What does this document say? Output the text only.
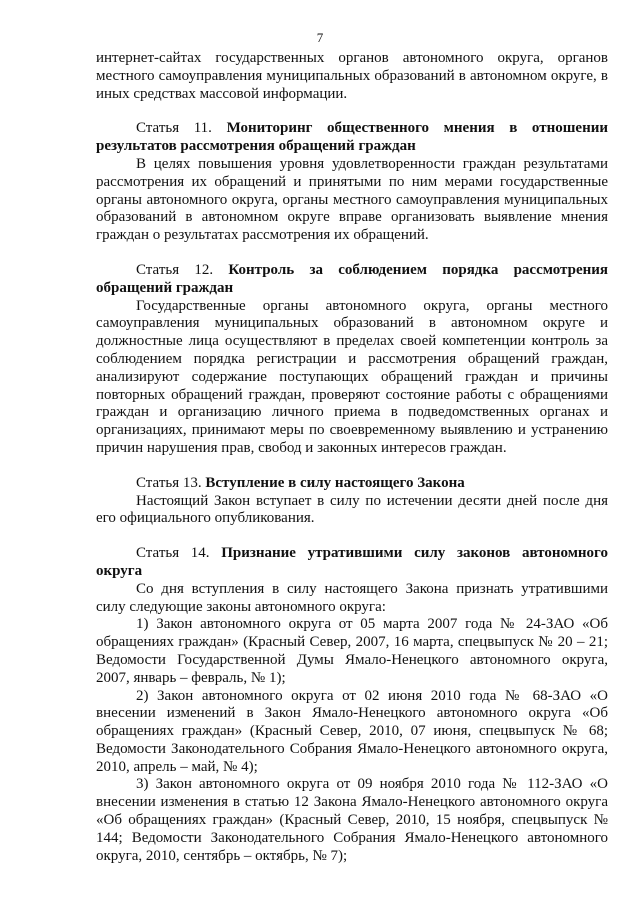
7

интернет-сайтах государственных органов автономного округа, органов местного самоуправления муниципальных образований в автономном округе, в иных средствах массовой информации.

Статья 11. Мониторинг общественного мнения в отношении результатов рассмотрения обращений граждан

В целях повышения уровня удовлетворенности граждан результатами рассмотрения их обращений и принятыми по ним мерами государственные органы автономного округа, органы местного самоуправления муниципальных образований в автономном округе вправе организовать выявление мнения граждан о результатах рассмотрения их обращений.

Статья 12. Контроль за соблюдением порядка рассмотрения обращений граждан

Государственные органы автономного округа, органы местного самоуправления муниципальных образований в автономном округе и должностные лица осуществляют в пределах своей компетенции контроль за соблюдением порядка регистрации и рассмотрения обращений граждан, анализируют содержание поступающих обращений граждан и причины повторных обращений граждан, проверяют состояние работы с обращениями граждан и организацию личного приема в подведомственных органах и организациях, принимают меры по своевременному выявлению и устранению причин нарушения прав, свобод и законных интересов граждан.

Статья 13. Вступление в силу настоящего Закона

Настоящий Закон вступает в силу по истечении десяти дней после дня его официального опубликования.

Статья 14. Признание утратившими силу законов автономного округа

Со дня вступления в силу настоящего Закона признать утратившими силу следующие законы автономного округа:

1) Закон автономного округа от 05 марта 2007 года № 24-ЗАО «Об обращениях граждан» (Красный Север, 2007, 16 марта, спецвыпуск № 20 – 21; Ведомости Государственной Думы Ямало-Ненецкого автономного округа, 2007, январь – февраль, № 1);

2) Закон автономного округа от 02 июня 2010 года № 68-ЗАО «О внесении изменений в Закон Ямало-Ненецкого автономного округа «Об обращениях граждан» (Красный Север, 2010, 07 июня, спецвыпуск № 68; Ведомости Законодательного Собрания Ямало-Ненецкого автономного округа, 2010, апрель – май, № 4);

3) Закон автономного округа от 09 ноября 2010 года № 112-ЗАО «О внесении изменения в статью 12 Закона Ямало-Ненецкого автономного округа «Об обращениях граждан» (Красный Север, 2010, 15 ноября, спецвыпуск № 144; Ведомости Законодательного Собрания Ямало-Ненецкого автономного округа, 2010, сентябрь – октябрь, № 7);
